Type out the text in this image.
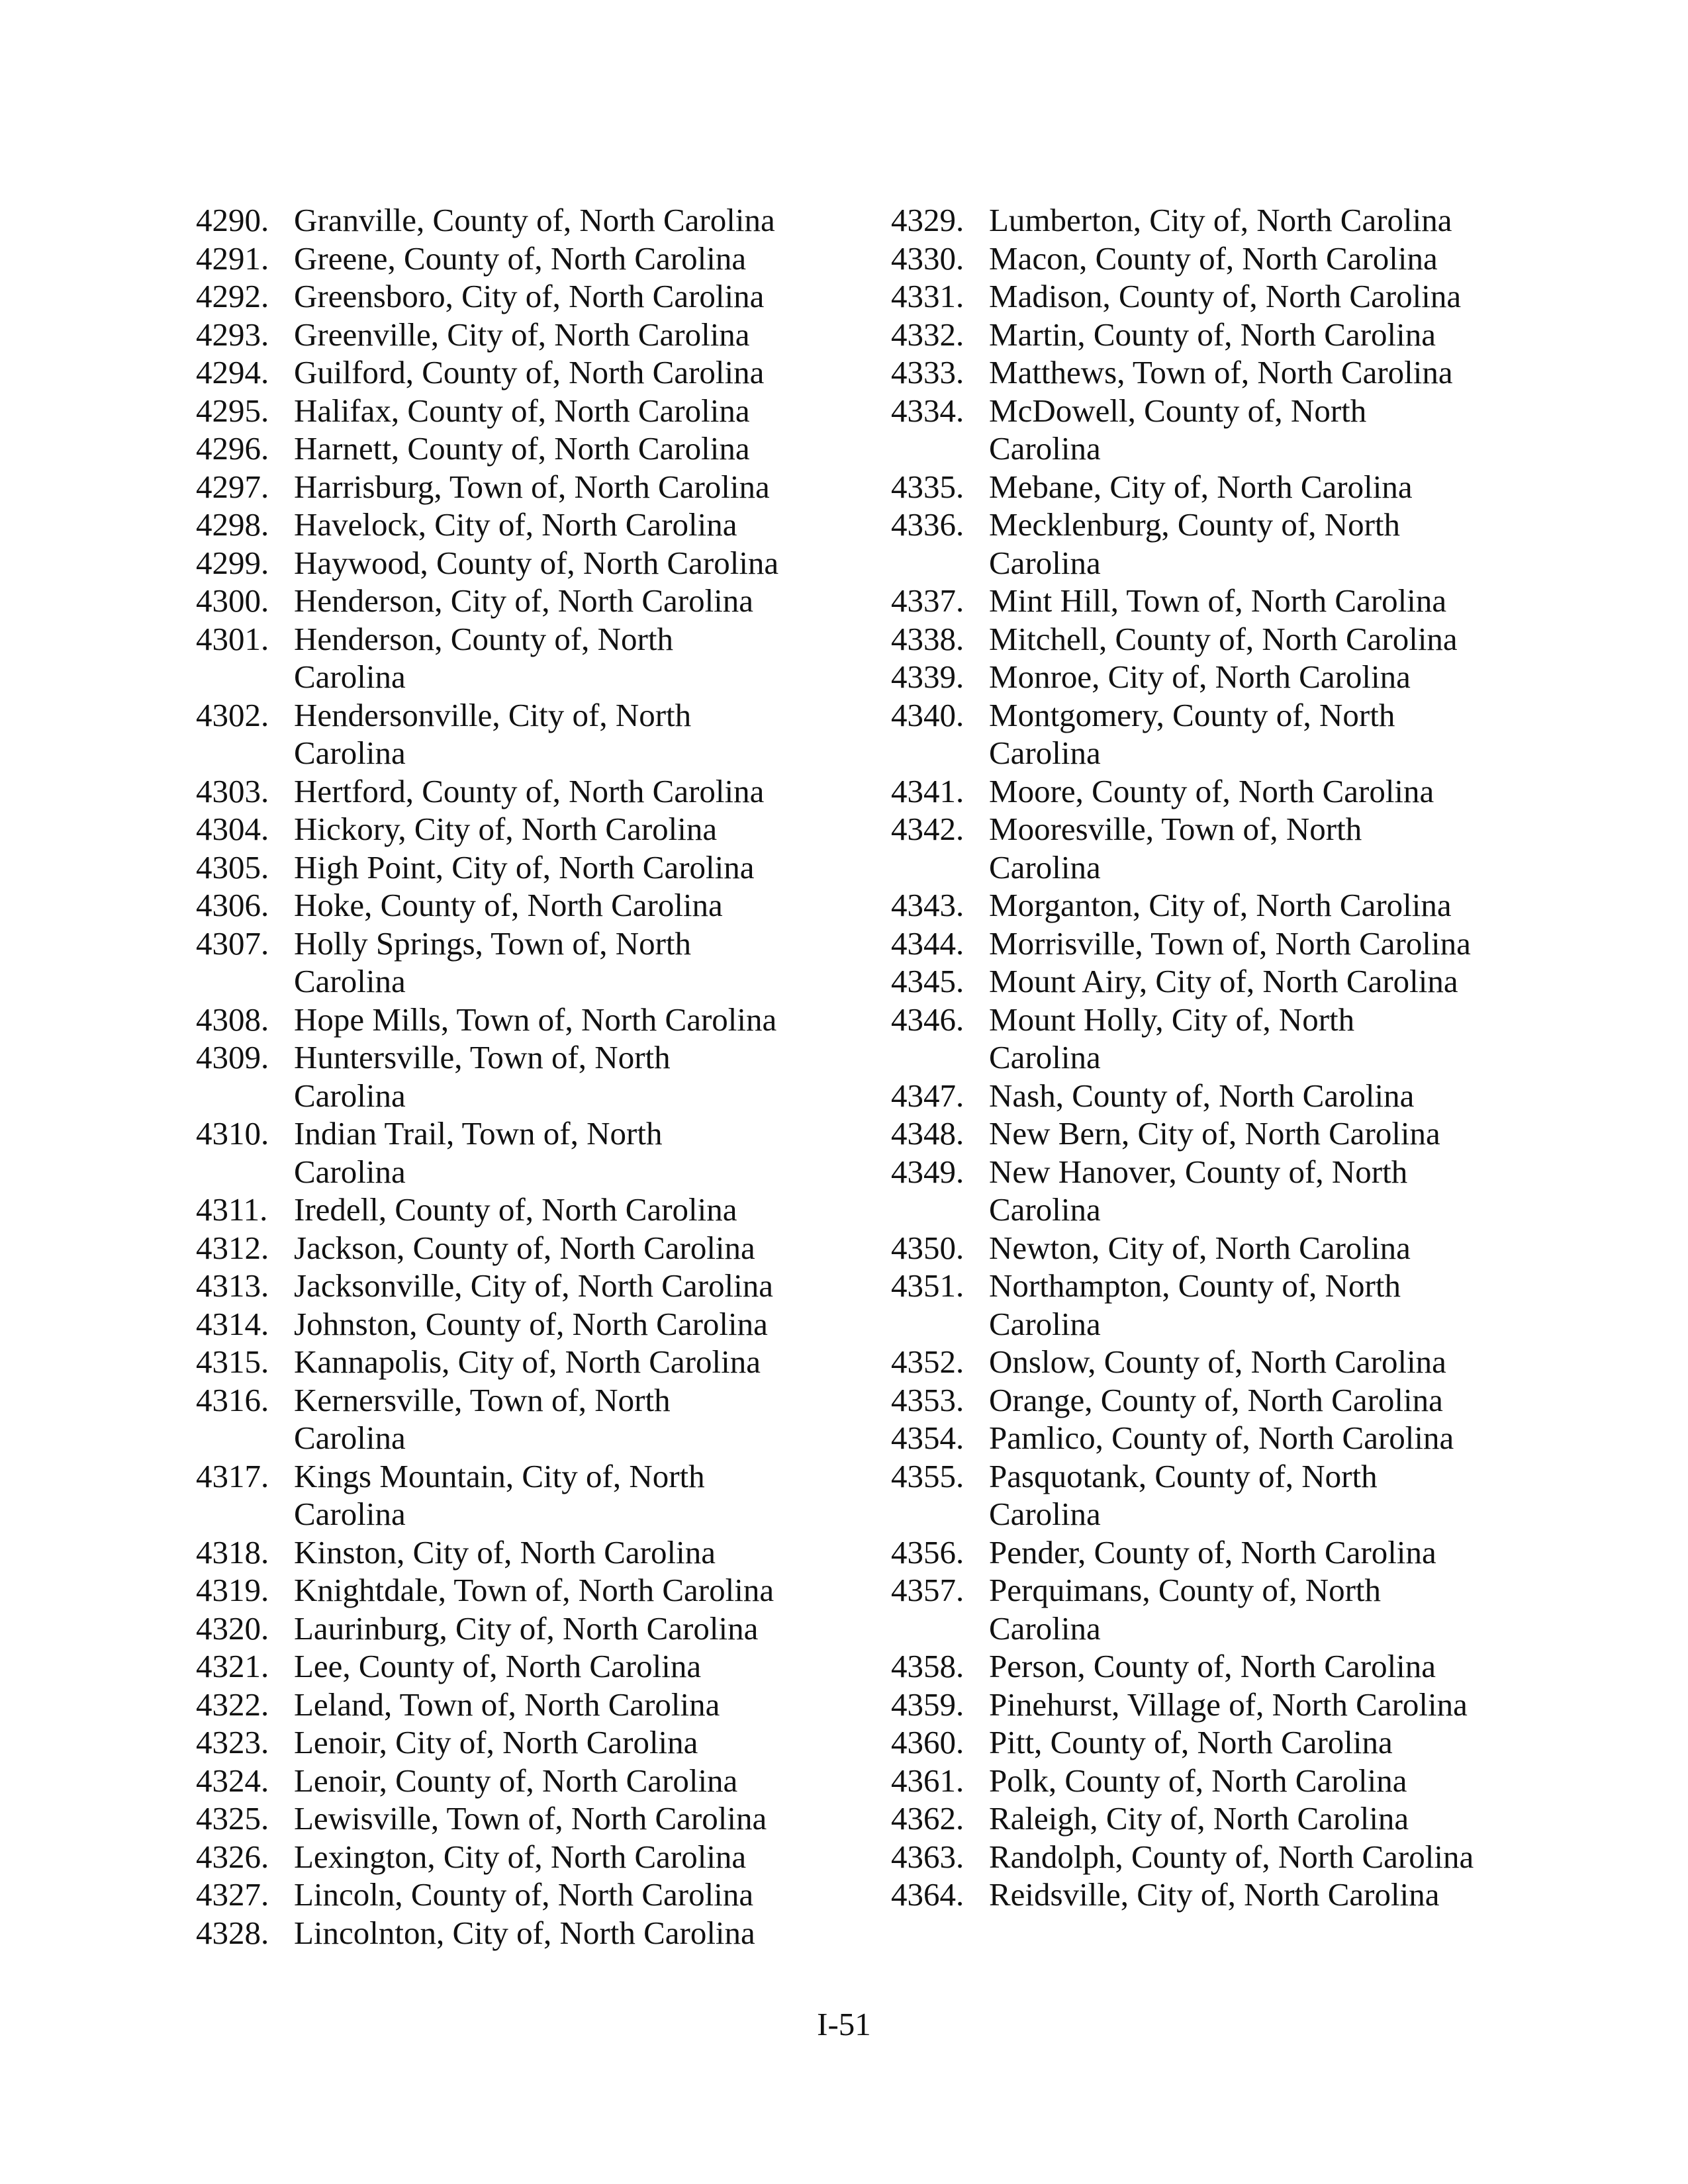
4290. Granville, County of, North Carolina
4291. Greene, County of, North Carolina
4292. Greensboro, City of, North Carolina
4293. Greenville, City of, North Carolina
4294. Guilford, County of, North Carolina
4295. Halifax, County of, North Carolina
4296. Harnett, County of, North Carolina
4297. Harrisburg, Town of, North Carolina
4298. Havelock, City of, North Carolina
4299. Haywood, County of, North Carolina
4300. Henderson, City of, North Carolina
4301. Henderson, County of, North
Carolina
4302. Hendersonville, City of, North
Carolina
4303. Hertford, County of, North Carolina
4304. Hickory, City of, North Carolina
4305. High Point, City of, North Carolina
4306. Hoke, County of, North Carolina
4307. Holly Springs, Town of, North
Carolina
4308. Hope Mills, Town of, North Carolina
4309. Huntersville, Town of, North
Carolina
4310. Indian Trail, Town of, North
Carolina
4311. Iredell, County of, North Carolina
4312. Jackson, County of, North Carolina
4313. Jacksonville, City of, North Carolina
4314. Johnston, County of, North Carolina
4315. Kannapolis, City of, North Carolina
4316. Kernersville, Town of, North
Carolina
4317. Kings Mountain, City of, North
Carolina
4318. Kinston, City of, North Carolina
4319. Knightdale, Town of, North Carolina
4320. Laurinburg, City of, North Carolina
4321. Lee, County of, North Carolina
4322. Leland, Town of, North Carolina
4323. Lenoir, City of, North Carolina
4324. Lenoir, County of, North Carolina
4325. Lewisville, Town of, North Carolina
4326. Lexington, City of, North Carolina
4327. Lincoln, County of, North Carolina
4328. Lincolnton, City of, North Carolina
4329. Lumberton, City of, North Carolina
4330. Macon, County of, North Carolina
4331. Madison, County of, North Carolina
4332. Martin, County of, North Carolina
4333. Matthews, Town of, North Carolina
4334. McDowell, County of, North
Carolina
4335. Mebane, City of, North Carolina
4336. Mecklenburg, County of, North
Carolina
4337. Mint Hill, Town of, North Carolina
4338. Mitchell, County of, North Carolina
4339. Monroe, City of, North Carolina
4340. Montgomery, County of, North
Carolina
4341. Moore, County of, North Carolina
4342. Mooresville, Town of, North
Carolina
4343. Morganton, City of, North Carolina
4344. Morrisville, Town of, North Carolina
4345. Mount Airy, City of, North Carolina
4346. Mount Holly, City of, North
Carolina
4347. Nash, County of, North Carolina
4348. New Bern, City of, North Carolina
4349. New Hanover, County of, North
Carolina
4350. Newton, City of, North Carolina
4351. Northampton, County of, North
Carolina
4352. Onslow, County of, North Carolina
4353. Orange, County of, North Carolina
4354. Pamlico, County of, North Carolina
4355. Pasquotank, County of, North
Carolina
4356. Pender, County of, North Carolina
4357. Perquimans, County of, North
Carolina
4358. Person, County of, North Carolina
4359. Pinehurst, Village of, North Carolina
4360. Pitt, County of, North Carolina
4361. Polk, County of, North Carolina
4362. Raleigh, City of, North Carolina
4363. Randolph, County of, North Carolina
4364. Reidsville, City of, North Carolina
I-51
